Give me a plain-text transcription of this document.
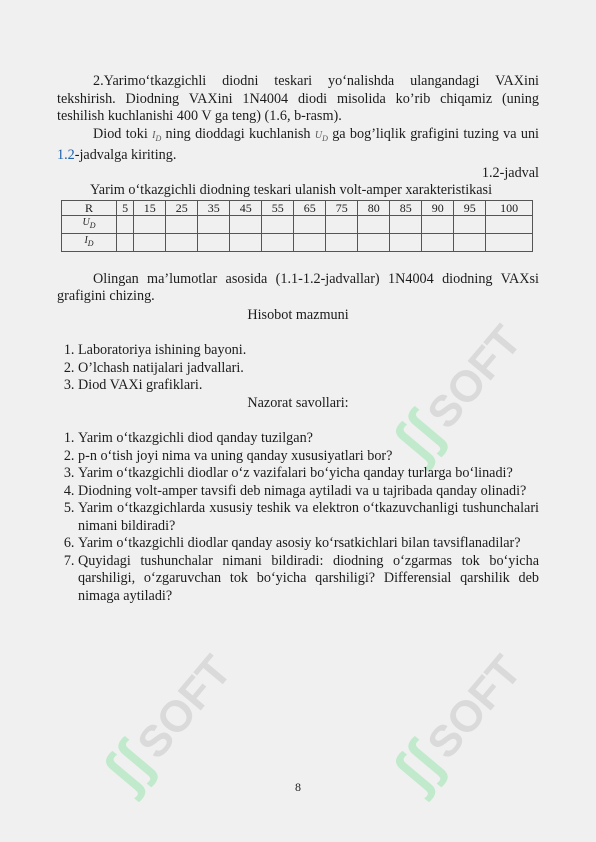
ʃʃSOFT
ʃʃSOFT ʃʃSOFT

2.Yarimo‘tkazgichli diodni teskari yo‘nalishda ulangandagi VAXini tekshirish. Diodning VAXini 1N4004 diodi misolida ko’rib chiqamiz (uning teshilish kuchlanishi 400 V ga teng) (1.6, b-rasm).

Diod toki $I_D$ ning dioddagi kuchlanish $U_D$ ga bog’liqlik grafigini tuzing va uni 1.2-jadvalga kiriting.

1.2-jadval

Yarim o‘tkazgichli diodning teskari ulanish volt-amper xarakteristikasi

R	5	15	25	35	45	55	65	75	80	85	90	95	100
$U_D$													
$I_D$													

Olingan ma’lumotlar asosida (1.1-1.2-jadvallar) 1N4004 diodning VAXsi grafigini chizing.

Hisobot mazmuni

1. Laboratoriya ishining bayoni.
2. O’lchash natijalari jadvallari.
3. Diod VAXi grafiklari.

Nazorat savollari:

1. Yarim o‘tkazgichli diod qanday tuzilgan?
2. p-n o‘tish joyi nima va uning qanday xususiyatlari bor?
3. Yarim o‘tkazgichli diodlar o‘z vazifalari bo‘yicha qanday turlarga bo‘linadi?
4. Diodning volt-amper tavsifi deb nimaga aytiladi va u tajribada qanday olinadi?
5. Yarim o‘tkazgichlarda xususiy teshik va elektron o‘tkazuvchanligi tushunchalari nimani bildiradi?
6. Yarim o‘tkazgichli diodlar qanday asosiy ko‘rsatkichlari bilan tavsiflanadilar?
7. Quyidagi tushunchalar nimani bildiradi: diodning o‘zgarmas tok bo‘yicha qarshiligi, o‘zgaruvchan tok bo‘yicha qarshiligi? Differensial qarshilik deb nimaga aytiladi?
8
